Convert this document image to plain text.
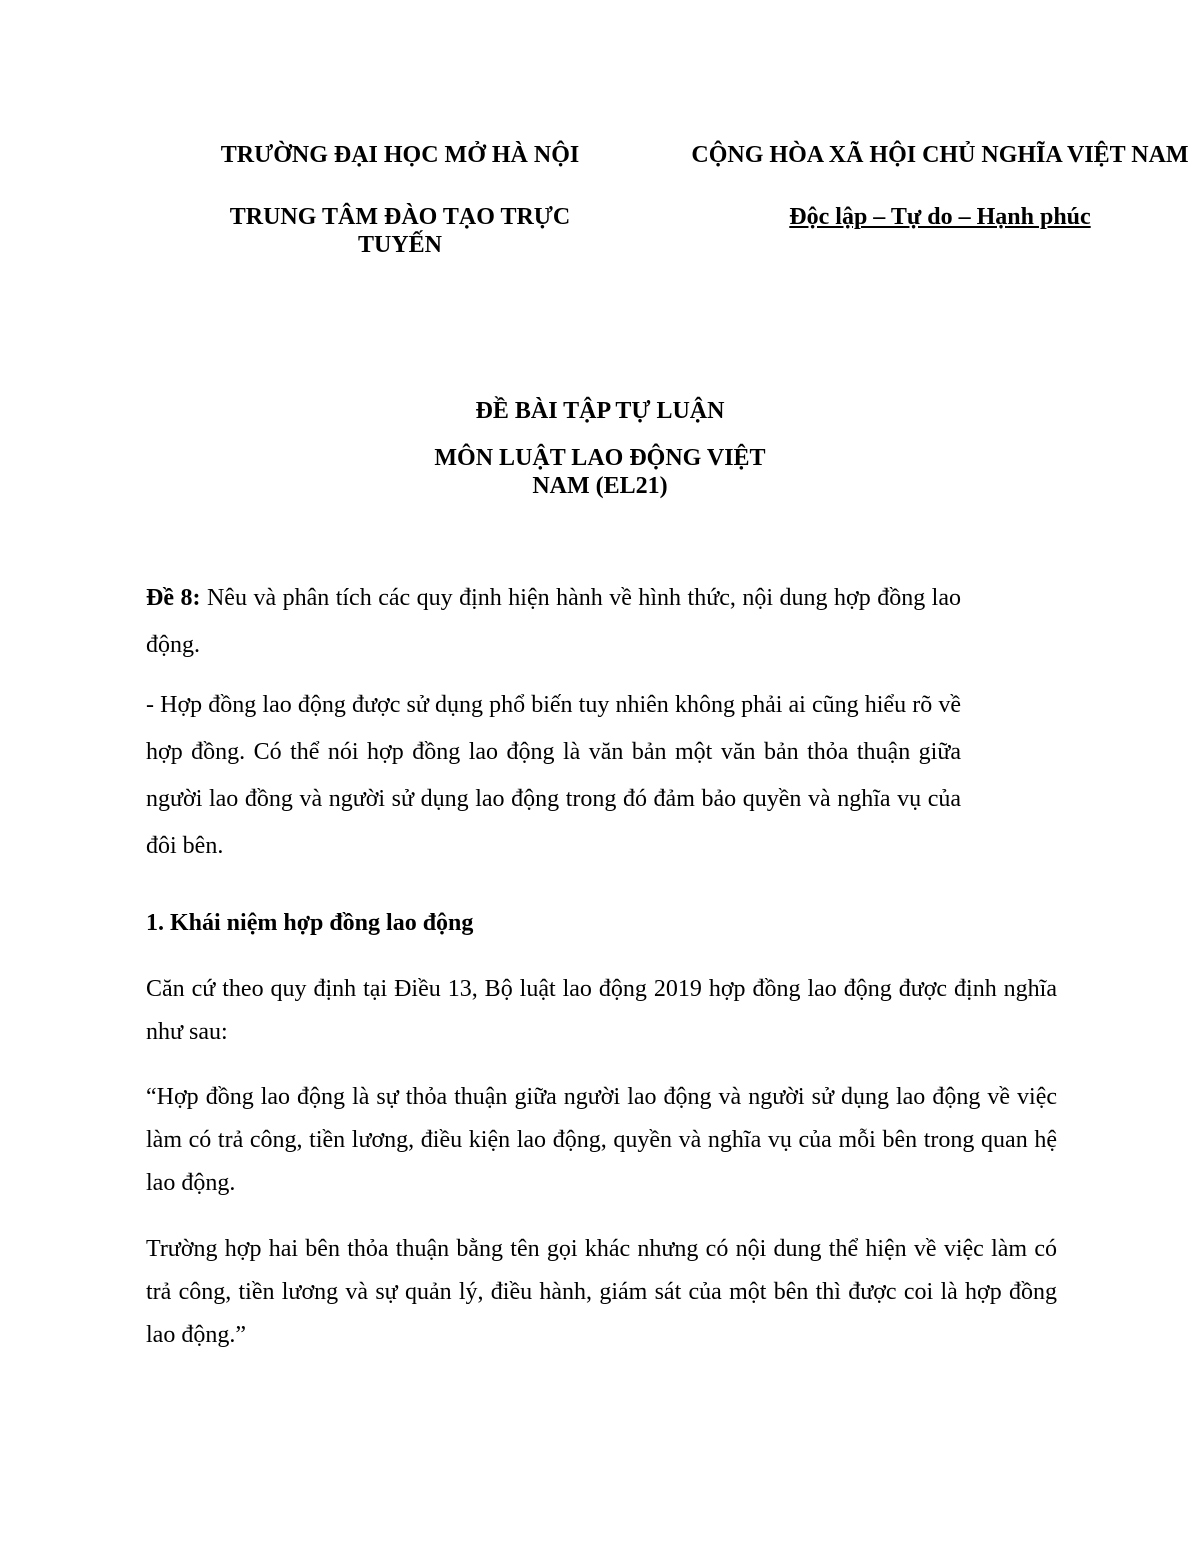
TRƯỜNG ĐẠI HỌC MỞ HÀ NỘI
TRUNG TÂM ĐÀO TẠO TRỰC TUYẾN
CỘNG HÒA XÃ HỘI CHỦ NGHĨA VIỆT NAM
Độc lập – Tự do – Hạnh phúc
ĐỀ BÀI TẬP TỰ LUẬN
MÔN LUẬT LAO ĐỘNG VIỆT NAM (EL21)
Đề 8: Nêu và phân tích các quy định hiện hành về hình thức, nội dung hợp đồng lao động.
- Hợp đồng lao động được sử dụng phổ biến tuy nhiên không phải ai cũng hiểu rõ về hợp đồng. Có thể nói hợp đồng lao động là văn bản một văn bản thỏa thuận giữa người lao đồng và người sử dụng lao động trong đó đảm bảo quyền và nghĩa vụ của đôi bên.
1. Khái niệm hợp đồng lao động
Căn cứ theo quy định tại Điều 13, Bộ luật lao động 2019 hợp đồng lao động được định nghĩa như sau:
“Hợp đồng lao động là sự thỏa thuận giữa người lao động và người sử dụng lao động về việc làm có trả công, tiền lương, điều kiện lao động, quyền và nghĩa vụ của mỗi bên trong quan hệ lao động.
Trường hợp hai bên thỏa thuận bằng tên gọi khác nhưng có nội dung thể hiện về việc làm có trả công, tiền lương và sự quản lý, điều hành, giám sát của một bên thì được coi là hợp đồng lao động.”
